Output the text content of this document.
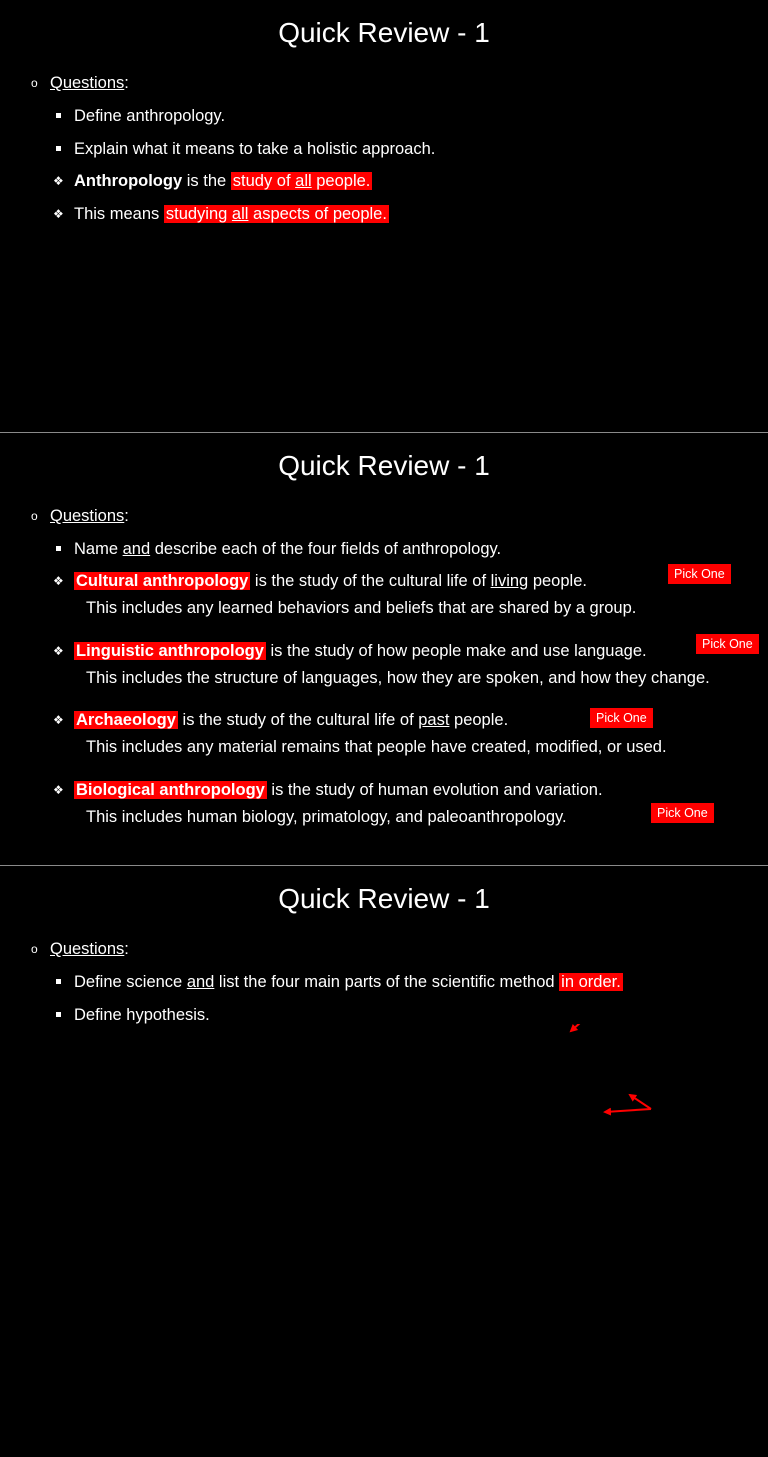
Quick Review - 1
o Questions:
Define anthropology.
Explain what it means to take a holistic approach.
❖ Anthropology is the study of all people.
❖ This means studying all aspects of people.
Quick Review - 1
o Questions:
Name and describe each of the four fields of anthropology.
❖ Cultural anthropology is the study of the cultural life of living people.
This includes any learned behaviors and beliefs that are shared by a group.
❖ Linguistic anthropology is the study of how people make and use language.
This includes the structure of languages, how they are spoken, and how they change.
❖ Archaeology is the study of the cultural life of past people.
This includes any material remains that people have created, modified, or used.
❖ Biological anthropology is the study of human evolution and variation.
This includes human biology, primatology, and paleoanthropology.
Pick One
Pick One
Pick One
Pick One
Quick Review - 1
o Questions:
Define science and list the four main parts of the scientific method in order.
Define hypothesis.
